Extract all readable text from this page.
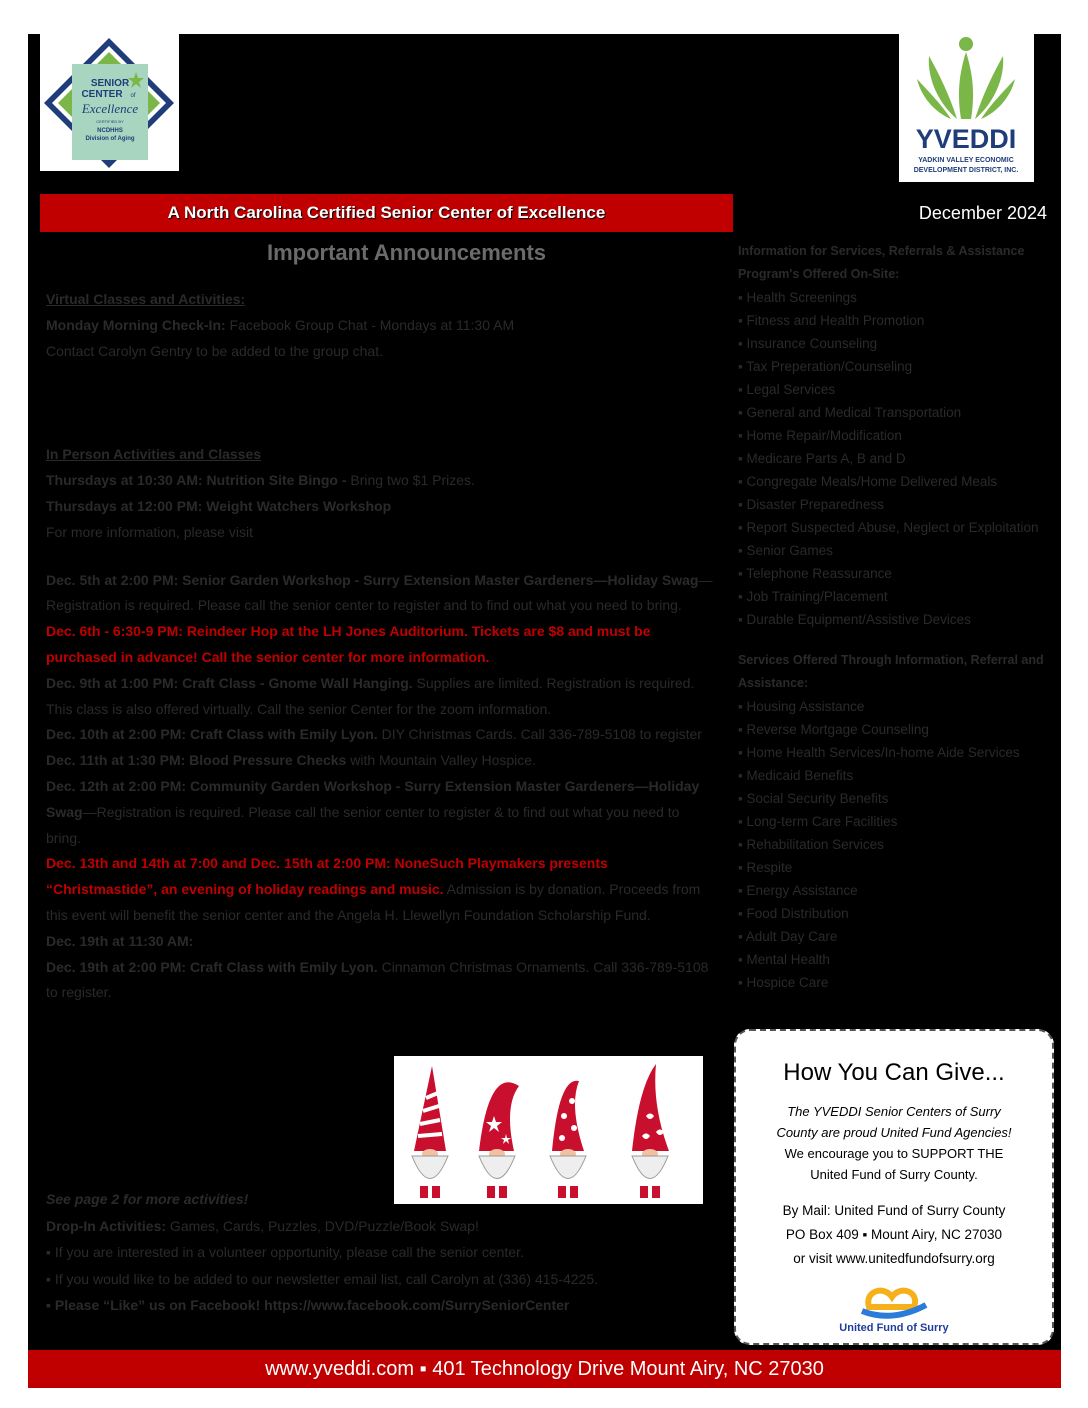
SENIOR
CENTER of
Excellence
CERTIFIED BY
NCDHHS
Division of Aging	YVEDDI
YADKIN VALLEY ECONOMIC
DEVELOPMENT DISTRICT, INC.
A North Carolina Certified Senior Center of Excellence	December 2024
Important Announcements

Virtual Classes and Activities:

Monday Morning Check-In: Facebook Group Chat - Mondays at 11:30 AM

Contact Carolyn Gentry to be added to the group chat.

In Person Activities and Classes

Thursdays at 10:30 AM: Nutrition Site Bingo - Bring two $1 Prizes.

Thursdays at 12:00 PM: Weight Watchers Workshop

For more information, please visit

Dec. 5th at 2:00 PM: Senior Garden Workshop - Surry Extension Master Gardeners—Holiday Swag—Registration is required. Please call the senior center to register and to find out what you need to bring.

Dec. 6th - 6:30-9 PM: Reindeer Hop at the LH Jones Auditorium. Tickets are $8 and must be purchased in advance! Call the senior center for more information.

Dec. 9th at 1:00 PM: Craft Class - Gnome Wall Hanging. Supplies are limited. Registration is required. This class is also offered virtually. Call the senior Center for the zoom information.

Dec. 10th at 2:00 PM: Craft Class with Emily Lyon. DIY Christmas Cards. Call 336-789-5108 to register

Dec. 11th at 1:30 PM: Blood Pressure Checks with Mountain Valley Hospice.

Dec. 12th at 2:00 PM: Community Garden Workshop - Surry Extension Master Gardeners—Holiday Swag—Registration is required. Please call the senior center to register & to find out what you need to bring.

Dec. 13th and 14th at 7:00 and Dec. 15th at 2:00 PM: NoneSuch Playmakers presents “Christmastide”, an evening of holiday readings and music. Admission is by donation. Proceeds from this event will benefit the senior center and the Angela H. Llewellyn Foundation Scholarship Fund.

Dec. 19th at 11:30 AM:

Dec. 19th at 2:00 PM: Craft Class with Emily Lyon. Cinnamon Christmas Ornaments. Call 336-789-5108 to register.

See page 2 for more activities!

Drop-In Activities: Games, Cards, Puzzles, DVD/Puzzle/Book Swap!

▪ If you are interested in a volunteer opportunity, please call the senior center.

▪ If you would like to be added to our newsletter email list, call Carolyn at (336) 415-4225.

▪ Please “Like” us on Facebook! https://www.facebook.com/SurrySeniorCenter

Information for Services, Referrals & Assistance

Program's Offered On-Site:

▪ Health Screenings

▪ Fitness and Health Promotion

▪ Insurance Counseling

▪ Tax Preperation/Counseling

▪ Legal Services

▪ General and Medical Transportation

▪ Home Repair/Modification

▪ Medicare Parts A, B and D

▪ Congregate Meals/Home Delivered Meals

▪ Disaster Preparedness

▪ Report Suspected Abuse, Neglect or Exploitation

▪ Senior Games

▪ Telephone Reassurance

▪ Job Training/Placement

▪ Durable Equipment/Assistive Devices

Services Offered Through Information, Referral and Assistance:

▪ Housing Assistance

▪ Reverse Mortgage Counseling

▪ Home Health Services/In-home Aide Services

▪ Medicaid Benefits

▪ Social Security Benefits

▪ Long-term Care Facilities

▪ Rehabilitation Services

▪ Respite

▪ Energy Assistance

▪ Food Distribution

▪ Adult Day Care

▪ Mental Health

▪ Hospice Care

How You Can Give...
The YVEDDI Senior Centers of Surry
County are proud United Fund Agencies!
We encourage you to SUPPORT THE
United Fund of Surry County.
By Mail: United Fund of Surry County
PO Box 409 ▪ Mount Airy, NC 27030
or visit www.unitedfundofsurry.org
United Fund of Surry
www.yveddi.com ▪ 401 Technology Drive Mount Airy, NC 27030
